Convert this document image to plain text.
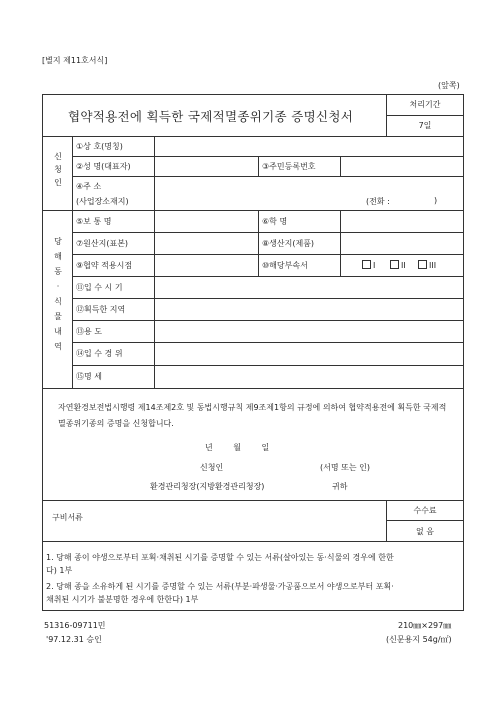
[별지 제11호서식]
(앞쪽)
협약적용전에 획득한 국제적멸종위기종 증명신청서
처리기간
7일
신청인
①상 호(명칭)
②성 명(대표자)	③주민등록번호
④주 소
(사업장소재지)	(전화 :	)
당해동·식물내역
⑤보 통 명	⑥학 명
⑦원산지(표본)	⑧생산지(제품)
⑨협약 적용시점	⑩해당부속서	I	II	III
⑪입 수 시 기
⑫획득한 지역
⑬용 도
⑭입 수 경 위
⑮명 세
자연환경보전법시행령 제14조제2호 및 동법시행규칙 제9조제1항의 규정에 의하여 협약적용전에 획득한 국제적멸종위기종의 증명을 신청합니다.
년 월 일
신청인	(서명 또는 인)
환경관리청장(지방환경관리청장)	귀하
구비서류
수수료
없 음
1. 당해 종이 야생으로부터 포획·채취된 시기를 증명할 수 있는 서류(살아있는 동·식물의 경우에 한한다) 1부
2. 당해 종을 소유하게 된 시기를 증명할 수 있는 서류(부분·파생물·가공품으로서 야생으로부터 포획·채취된 시기가 불분명한 경우에 한한다) 1부
51316-09711민
'97.12.31 승인
210㎜×297㎜
(신문용지 54g/㎡)
